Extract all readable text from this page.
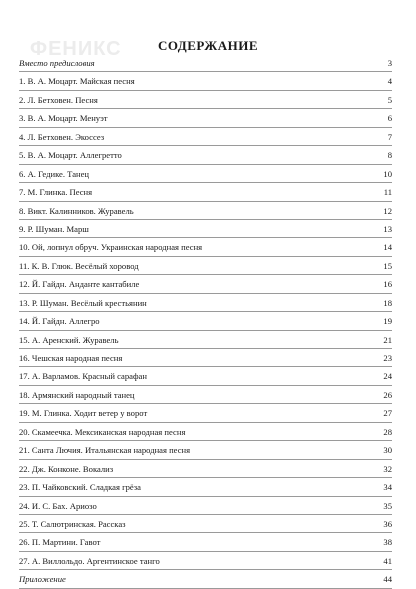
ФЕНИКС	СОДЕРЖАНИЕ
Вместо предисловия	3
1. В. А. Моцарт. Майская песня	4
2. Л. Бетховен. Песня	5
3. В. А. Моцарт. Менуэт	6
4. Л. Бетховен. Экоссез	7
5. В. А. Моцарт. Аллегретто	8
6. А. Гедике. Танец	10
7. М. Глинка. Песня	11
8. Викт. Калинников. Журавель	12
9. Р. Шуман. Марш	13
10. Ой, лопнул обруч. Украинская народная песня	14
11. К. В. Глюк. Весёлый хоровод	15
12. Й. Гайдн. Анданте кантабиле	16
13. Р. Шуман. Весёлый крестьянин	18
14. Й. Гайдн. Аллегро	19
15. А. Аренский. Журавель	21
16. Чешская народная песня	23
17. А. Варламов. Красный сарафан	24
18. Армянский народный танец	26
19. М. Глинка. Ходит ветер у ворот	27
20. Скамеечка. Мексиканская народная песня	28
21. Санта Лючия. Итальянская народная песня	30
22. Дж. Конконе. Вокализ	32
23. П. Чайковский. Сладкая грёза	34
24. И. С. Бах. Ариозо	35
25. Т. Салютринская. Рассказ	36
26. П. Мартини. Гавот	38
27. А. Виллольдо. Аргентинское танго	41
Приложение	44
